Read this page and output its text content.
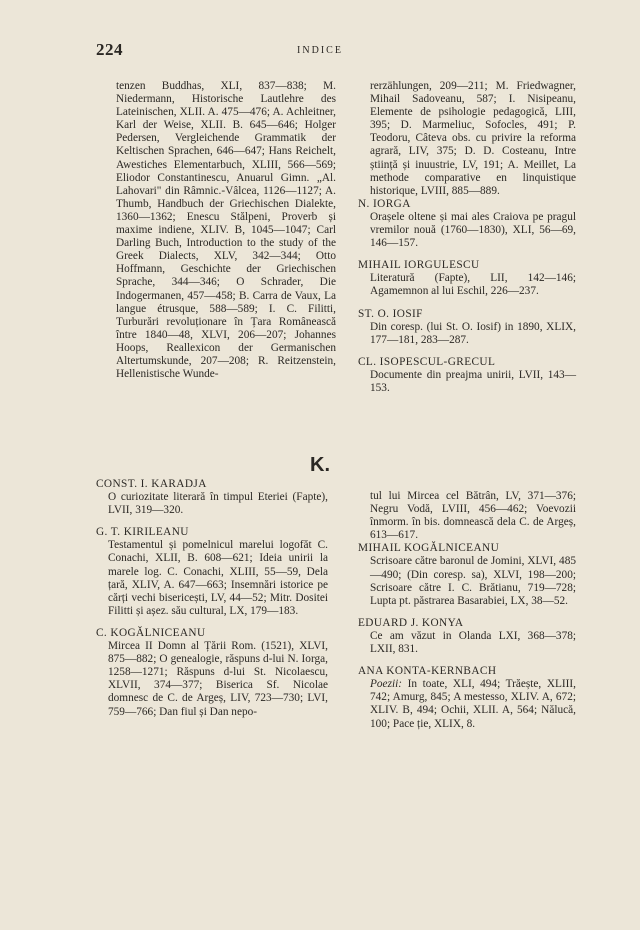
224	INDICE

tenzen Buddhas, XLI, 837—838; M. Niedermann, Historische Lautlehre des Lateinischen, XLII. A. 475—476; A. Achleitner, Karl der Weise, XLII. B. 645—646; Holger Pedersen, Vergleichende Grammatik der Keltischen Sprachen, 646—647; Hans Reichelt, Awestiches Elementarbuch, XLIII, 566—569; Eliodor Constantinescu, Anuarul Gimn. „Al. Lahovari" din Râmnic.-Vâlcea, 1126—1127; A. Thumb, Handbuch der Griechischen Dialekte, 1360—1362; Enescu Stălpeni, Proverb și maxime indiene, XLIV. B, 1045—1047; Carl Darling Buch, Introduction to the study of the Greek Dialects, XLV, 342—344; Otto Hoffmann, Geschichte der Griechischen Sprache, 344—346; O Schrader, Die Indogermanen, 457—458; B. Carra de Vaux, La langue étrusque, 588—589; I. C. Filitti, Turburări revoluționare în Țara Românească între 1840—48, XLVI, 206—207; Johannes Hoops, Reallexicon der Germanischen Altertumskunde, 207—208; R. Reitzenstein, Hellenistische Wunde-

rerzählungen, 209—211; M. Friedwagner, Mihail Sadoveanu, 587; I. Nisipeanu, Elemente de psihologie pedagogică, LIII, 395; D. Marmeliuc, Sofocles, 491; P. Teodoru, Câteva obs. cu privire la reforma agrară, LIV, 375; D. D. Costeanu, Intre știință și inuustrie, LV, 191; A. Meillet, La methode comparative en linquistique historique, LVIII, 885—889.

N. IORGA

Orașele oltene și mai ales Craiova pe pragul vremilor nouă (1760—1830), XLI, 56—69, 146—157.

MIHAIL IORGULESCU

Literatură (Fapte), LII, 142—146; Agamemnon al lui Eschil, 226—237.

ST. O. IOSIF

Din coresp. (lui St. O. Iosif) in 1890, XLIX, 177—181, 283—287.

CL. ISOPESCUL-GRECUL

Documente din preajma unirii, LVII, 143—153.

K.

CONST. I. KARADJA

O curiozitate literară în timpul Eteriei (Fapte), LVII, 319—320.

G. T. KIRILEANU

Testamentul și pomelnicul marelui logofăt C. Conachi, XLII, B. 608—621; Ideia unirii la marele log. C. Conachi, XLIII, 55—59, Dela țară, XLIV, A. 647—663; Insemnări istorice pe cărți vechi bisericești, LV, 44—52; Mitr. Dositei Filitti și așez. său cultural, LX, 179—183.

C. KOGĂLNICEANU

Mircea II Domn al Țării Rom. (1521), XLVI, 875—882; O genealogie, răspuns d-lui N. Iorga, 1258—1271; Răspuns d-lui St. Nicolaescu, XLVII, 374—377; Biserica Sf. Nicolae domnesc de C. de Argeș, LIV, 723—730; LVI, 759—766; Dan fiul și Dan nepo-

tul lui Mircea cel Bătrân, LV, 371—376; Negru Vodă, LVIII, 456—462; Voevozii înmorm. în bis. domnească dela C. de Argeș, 613—617.

MIHAIL KOGĂLNICEANU

Scrisoare către baronul de Jomini, XLVI, 485—490; (Din coresp. sa), XLVI, 198—200; Scrisoare către I. C. Brătianu, 719—728; Lupta pt. păstrarea Basarabiei, LX, 38—52.

EDUARD J. KONYA

Ce am văzut in Olanda LXI, 368—378; LXII, 831.

ANA KONTA-KERNBACH

Poezii: In toate, XLI, 494; Trăește, XLIII, 742; Amurg, 845; A mestesso, XLIV. A, 672; XLIV. B, 494; Ochii, XLII. A, 564; Nălucă, 100; Pace ție, XLIX, 8.
